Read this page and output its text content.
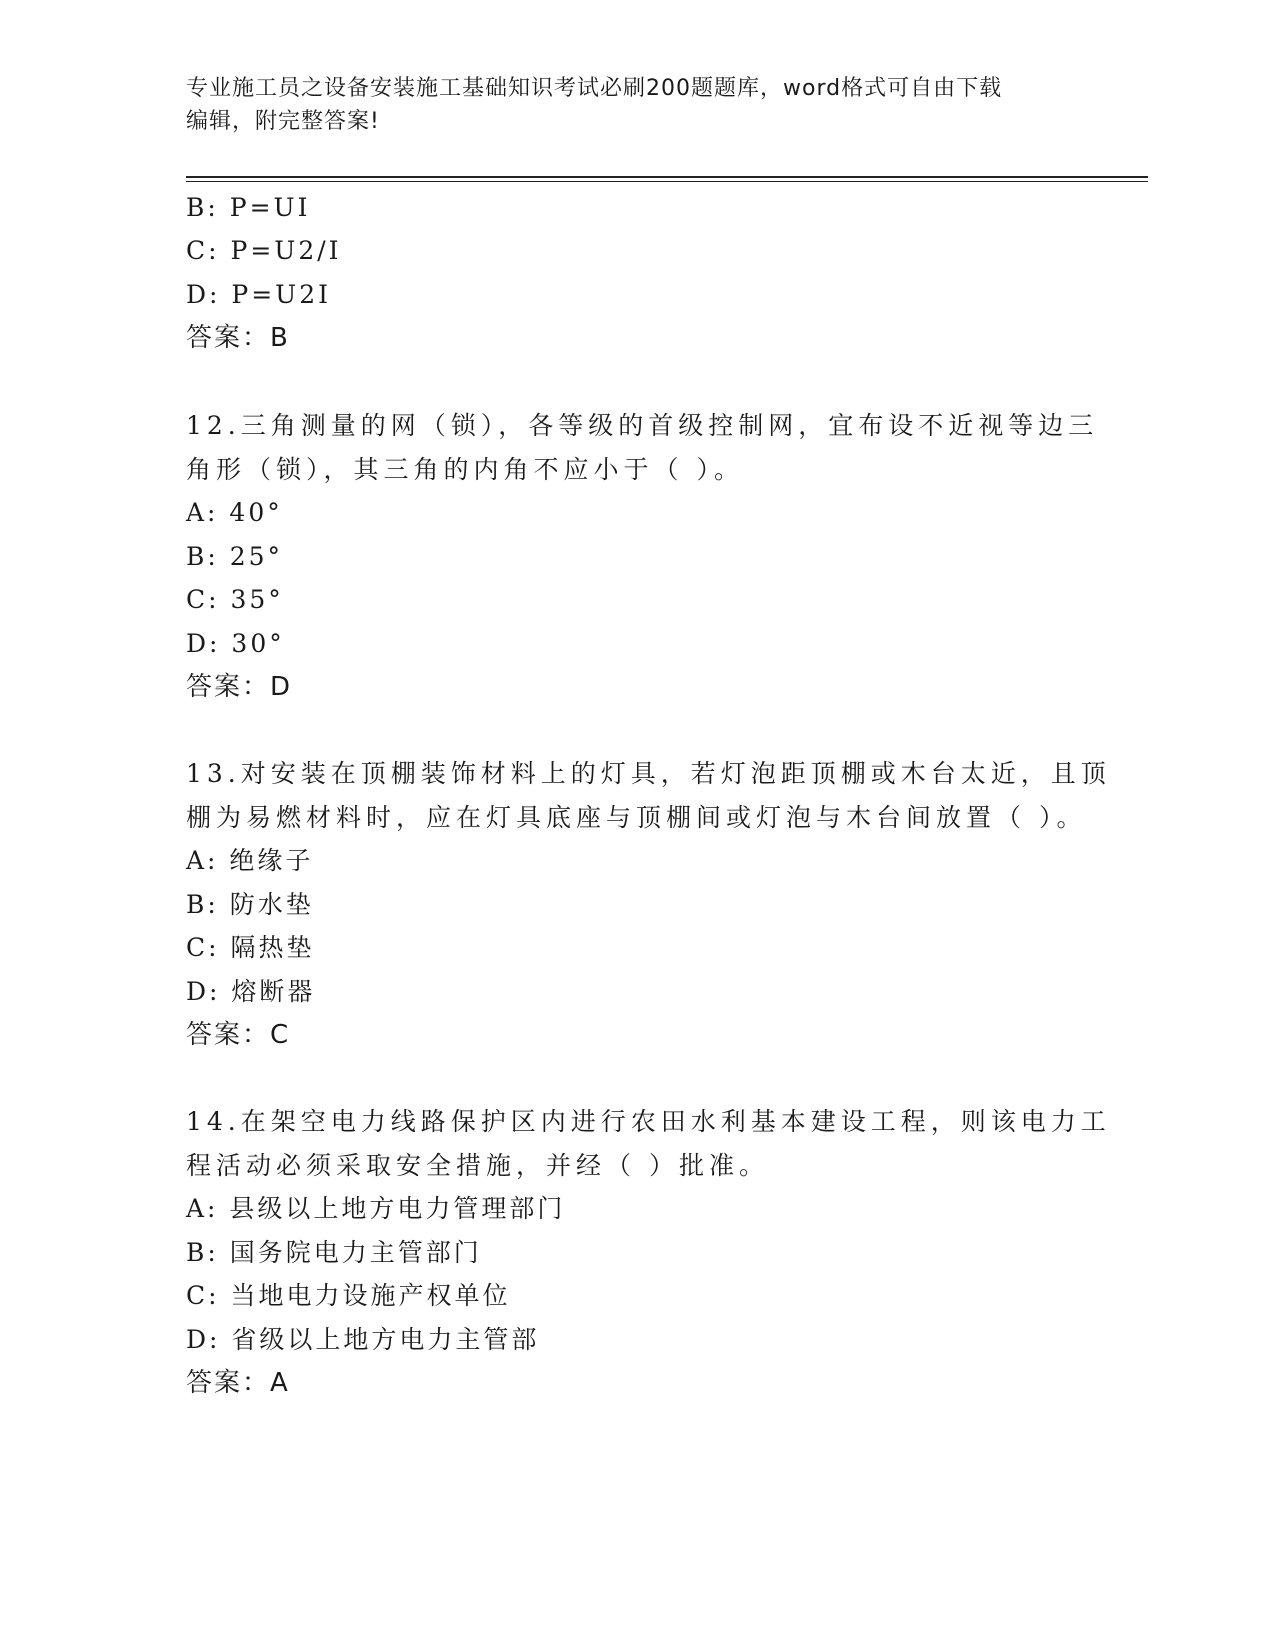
专业施工员之设备安装施工基础知识考试必刷200题题库，word格式可自由下载
编辑，附完整答案!
B: P=UI
C: P=U2/I
D: P=U2I
答案：B
12.三角测量的网（锁），各等级的首级控制网，宜布设不近视等边三
角形（锁），其三角的内角不应小于（ ）。
A: 40°
B: 25°
C: 35°
D: 30°
答案：D
13.对安装在顶棚装饰材料上的灯具，若灯泡距顶棚或木台太近，且顶
棚为易燃材料时，应在灯具底座与顶棚间或灯泡与木台间放置（ ）。
A: 绝缘子
B: 防水垫
C: 隔热垫
D: 熔断器
答案：C
14.在架空电力线路保护区内进行农田水利基本建设工程，则该电力工
程活动必须采取安全措施，并经（ ）批准。
A: 县级以上地方电力管理部门
B: 国务院电力主管部门
C: 当地电力设施产权单位
D: 省级以上地方电力主管部
答案：A
